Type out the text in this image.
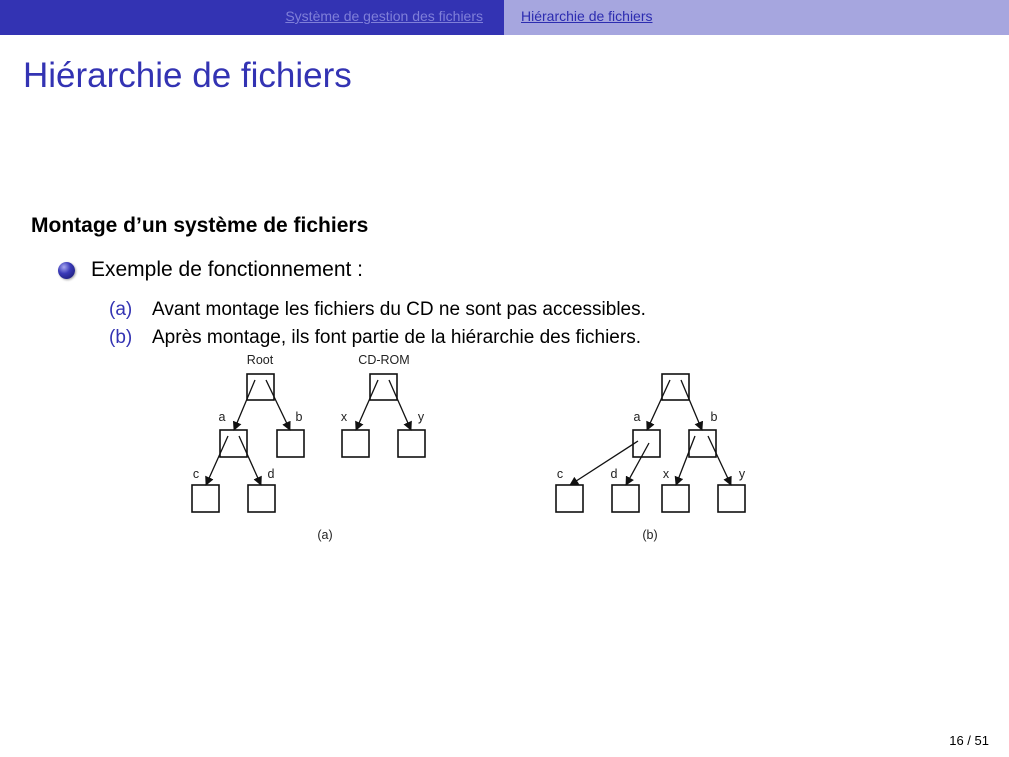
Système de gestion des fichiers	Hiérarchie de fichiers
Hiérarchie de fichiers
Montage d’un système de fichiers
Exemple de fonctionnement :
(a) Avant montage les fichiers du CD ne sont pas accessibles.
(b) Après montage, ils font partie de la hiérarchie des fichiers.
Root	CD-ROM
a	b
c	d
x	y
(a)
a	b
c	d	x	y
(b)
16 / 51
